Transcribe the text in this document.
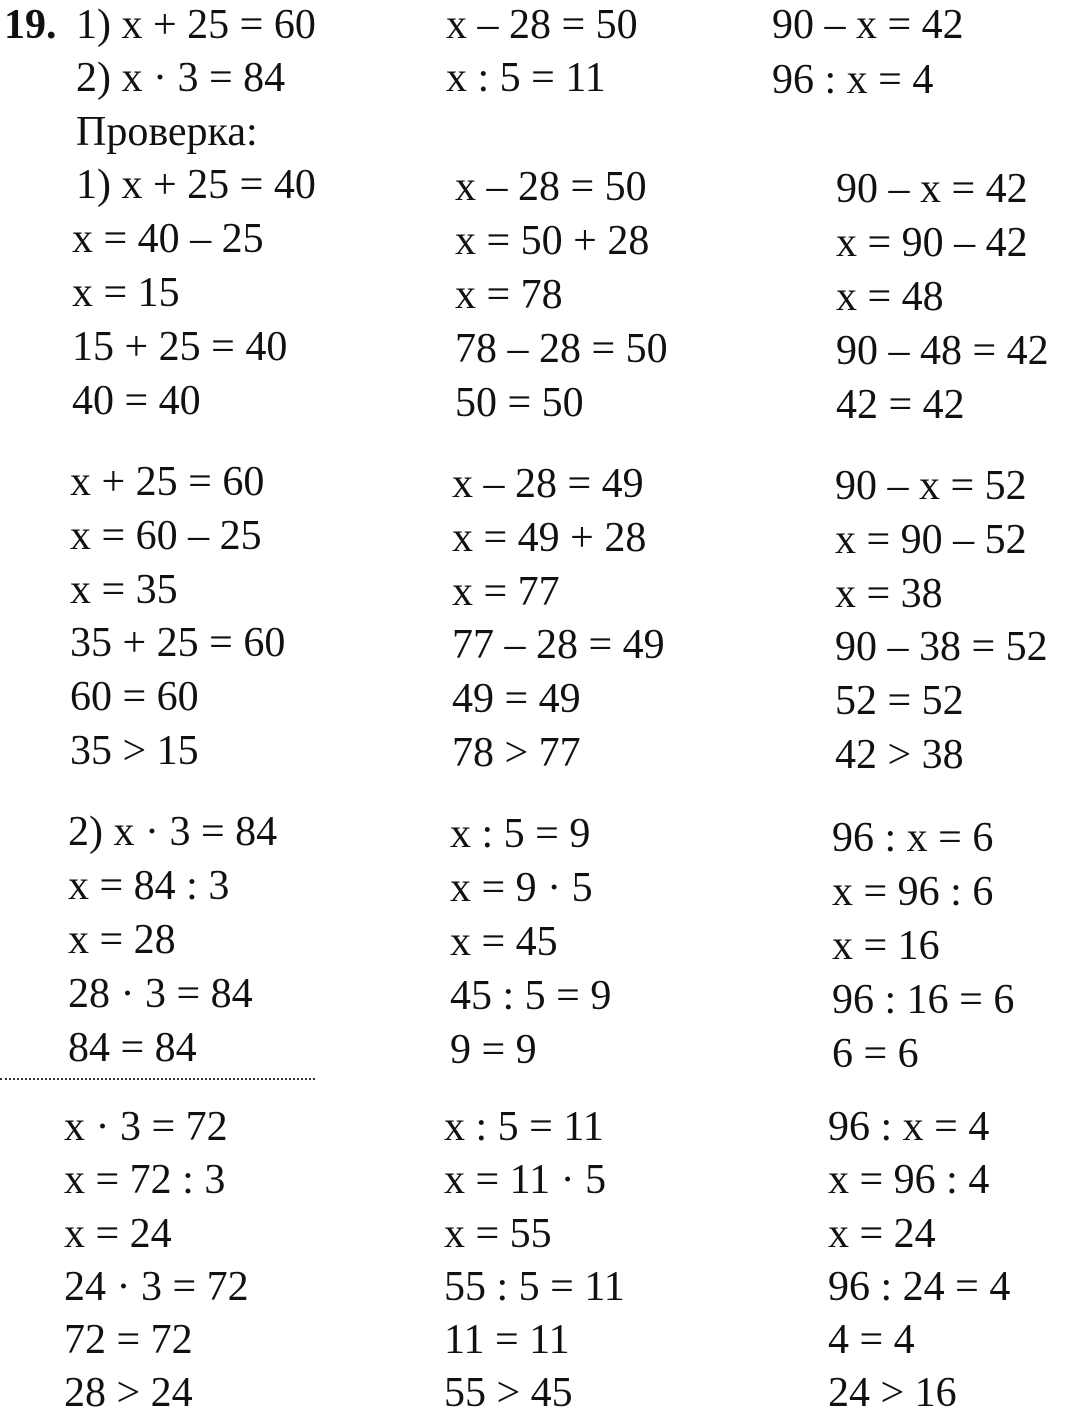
19. 1) x + 25 = 60
2) x · 3 = 84
x – 28 = 50
x : 5 = 11
90 – x = 42
96 : x = 4
Проверка:
1) x + 25 = 40
x = 40 – 25
x = 15
15 + 25 = 40
40 = 40
x – 28 = 50
x = 50 + 28
x = 78
78 – 28 = 50
50 = 50
90 – x = 42
x = 90 – 42
x = 48
90 – 48 = 42
42 = 42
x + 25 = 60
x = 60 – 25
x = 35
35 + 25 = 60
60 = 60
35 > 15
x – 28 = 49
x = 49 + 28
x = 77
77 – 28 = 49
49 = 49
78 > 77
90 – x = 52
x = 90 – 52
x = 38
90 – 38 = 52
52 = 52
42 > 38
2) x · 3 = 84
x = 84 : 3
x = 28
28 · 3 = 84
84 = 84
x : 5 = 9
x = 9 · 5
x = 45
45 : 5 = 9
9 = 9
96 : x = 6
x = 96 : 6
x = 16
96 : 16 = 6
6 = 6
x · 3 = 72
x = 72 : 3
x = 24
24 · 3 = 72
72 = 72
28 > 24
x : 5 = 11
x = 11 · 5
x = 55
55 : 5 = 11
11 = 11
55 > 45
96 : x = 4
x = 96 : 4
x = 24
96 : 24 = 4
4 = 4
24 > 16
